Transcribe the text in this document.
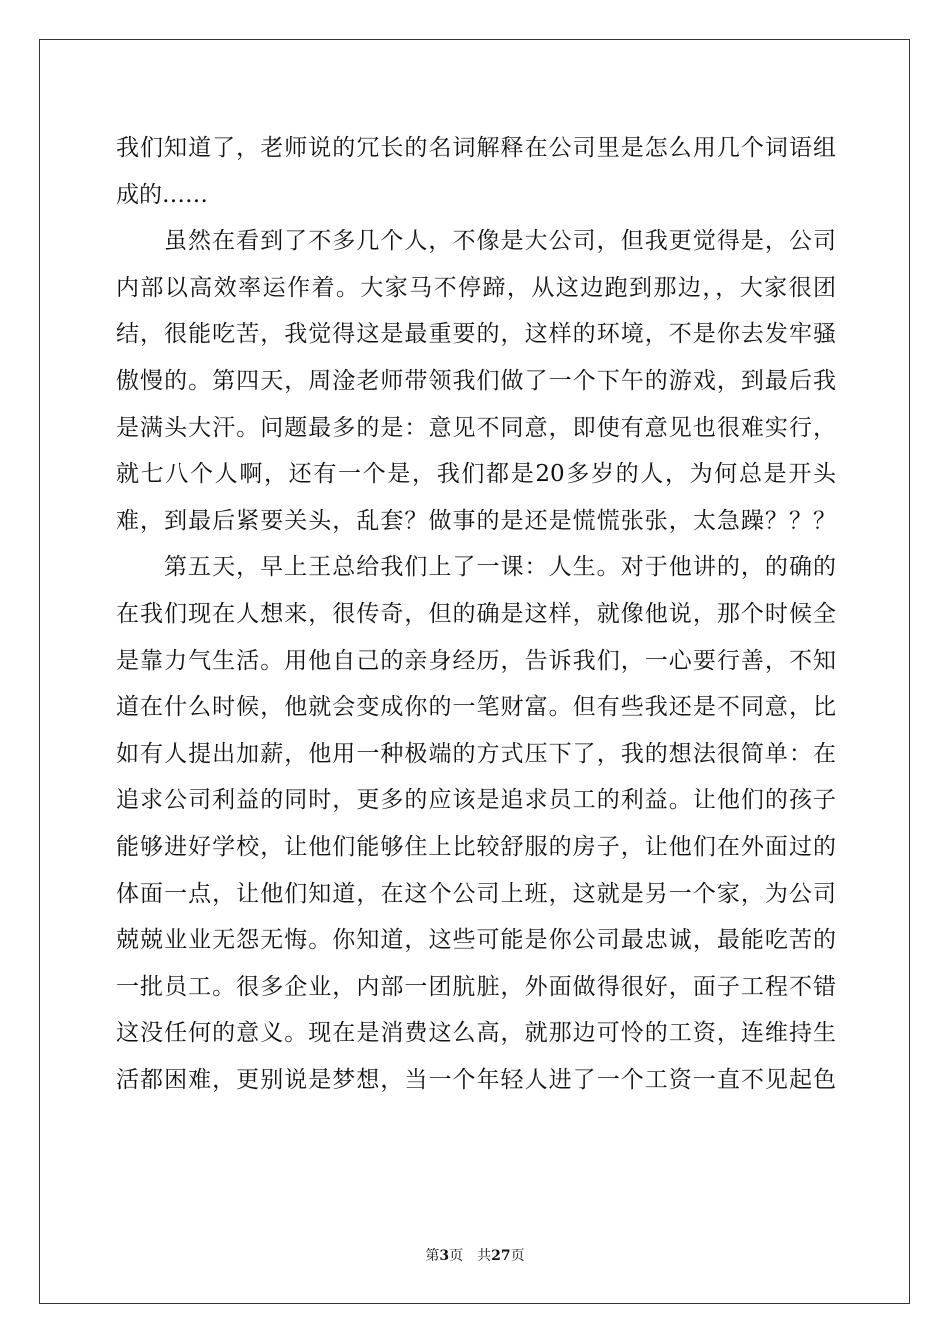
我们知道了，老师说的冗长的名词解释在公司里是怎么用几个词语组
成的……
虽然在看到了不多几个人，不像是大公司，但我更觉得是，公司
内部以高效率运作着。大家马不停蹄，从这边跑到那边，，大家很团
结，很能吃苦，我觉得这是最重要的，这样的环境，不是你去发牢骚
傲慢的。第四天，周淦老师带领我们做了一个下午的游戏，到最后我
是满头大汗。问题最多的是：意见不同意，即使有意见也很难实行，
就七八个人啊，还有一个是，我们都是20多岁的人，为何总是开头
难，到最后紧要关头，乱套？做事的是还是慌慌张张，太急躁？？？
第五天，早上王总给我们上了一课：人生。对于他讲的，的确的
在我们现在人想来，很传奇，但的确是这样，就像他说，那个时候全
是靠力气生活。用他自己的亲身经历，告诉我们，一心要行善，不知
道在什么时候，他就会变成你的一笔财富。但有些我还是不同意，比
如有人提出加薪，他用一种极端的方式压下了，我的想法很简单：在
追求公司利益的同时，更多的应该是追求员工的利益。让他们的孩子
能够进好学校，让他们能够住上比较舒服的房子，让他们在外面过的
体面一点，让他们知道，在这个公司上班，这就是另一个家，为公司
兢兢业业无怨无悔。你知道，这些可能是你公司最忠诚，最能吃苦的
一批员工。很多企业，内部一团肮脏，外面做得很好，面子工程不错
这没任何的意义。现在是消费这么高，就那边可怜的工资，连维持生
活都困难，更别说是梦想，当一个年轻人进了一个工资一直不见起色
第3页　共27页
